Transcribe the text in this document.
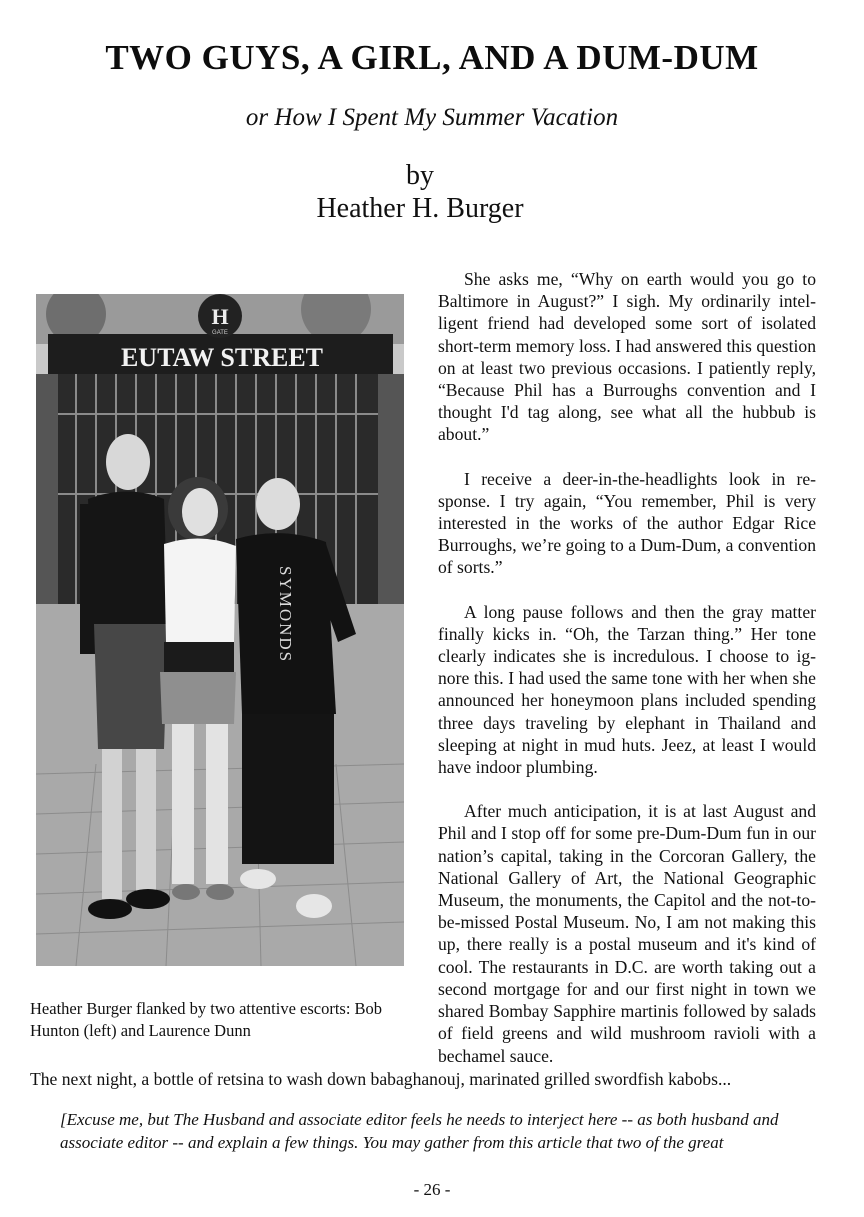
TWO GUYS, A GIRL, AND A DUM-DUM

or How I Spent My Summer Vacation

by

Heather H. Burger

EUTAW STREET
H
GATE
SYMONDS

Heather Burger flanked by two attentive escorts: Bob Hunton (left) and Laurence Dunn

She asks me, “Why on earth would you go to Baltimore in August?” I sigh. My ordinarily intelligent friend had developed some sort of isolated short-term memory loss. I had answered this question on at least two previous occasions. I patiently reply, “Because Phil has a Burroughs convention and I thought I'd tag along, see what all the hubbub is about.”

I receive a deer-in-the-headlights look in response. I try again, “You remember, Phil is very interested in the works of the author Edgar Rice Burroughs, we’re going to a Dum-Dum, a convention of sorts.”

A long pause follows and then the gray matter finally kicks in. “Oh, the Tarzan thing.” Her tone clearly indicates she is incredulous. I choose to ignore this. I had used the same tone with her when she announced her honeymoon plans included spending three days traveling by elephant in Thailand and sleeping at night in mud huts. Jeez, at least I would have indoor plumbing.

After much anticipation, it is at last August and Phil and I stop off for some pre-Dum-Dum fun in our nation’s capital, taking in the Corcoran Gallery, the National Gallery of Art, the National Geographic Museum, the monuments, the Capitol and the not-to-be-missed Postal Museum. No, I am not making this up, there really is a postal museum and it's kind of cool. The restaurants in D.C. are worth taking out a second mortgage for and our first night in town we shared Bombay Sapphire martinis followed by salads of field greens and wild mushroom ravioli with a bechamel sauce.

The next night, a bottle of retsina to wash down babaghanouj, marinated grilled swordfish kabobs...

[Excuse me, but The Husband and associate editor feels he needs to interject here -- as both husband and associate editor -- and explain a few things. You may gather from this article that two of the great

- 26 -
